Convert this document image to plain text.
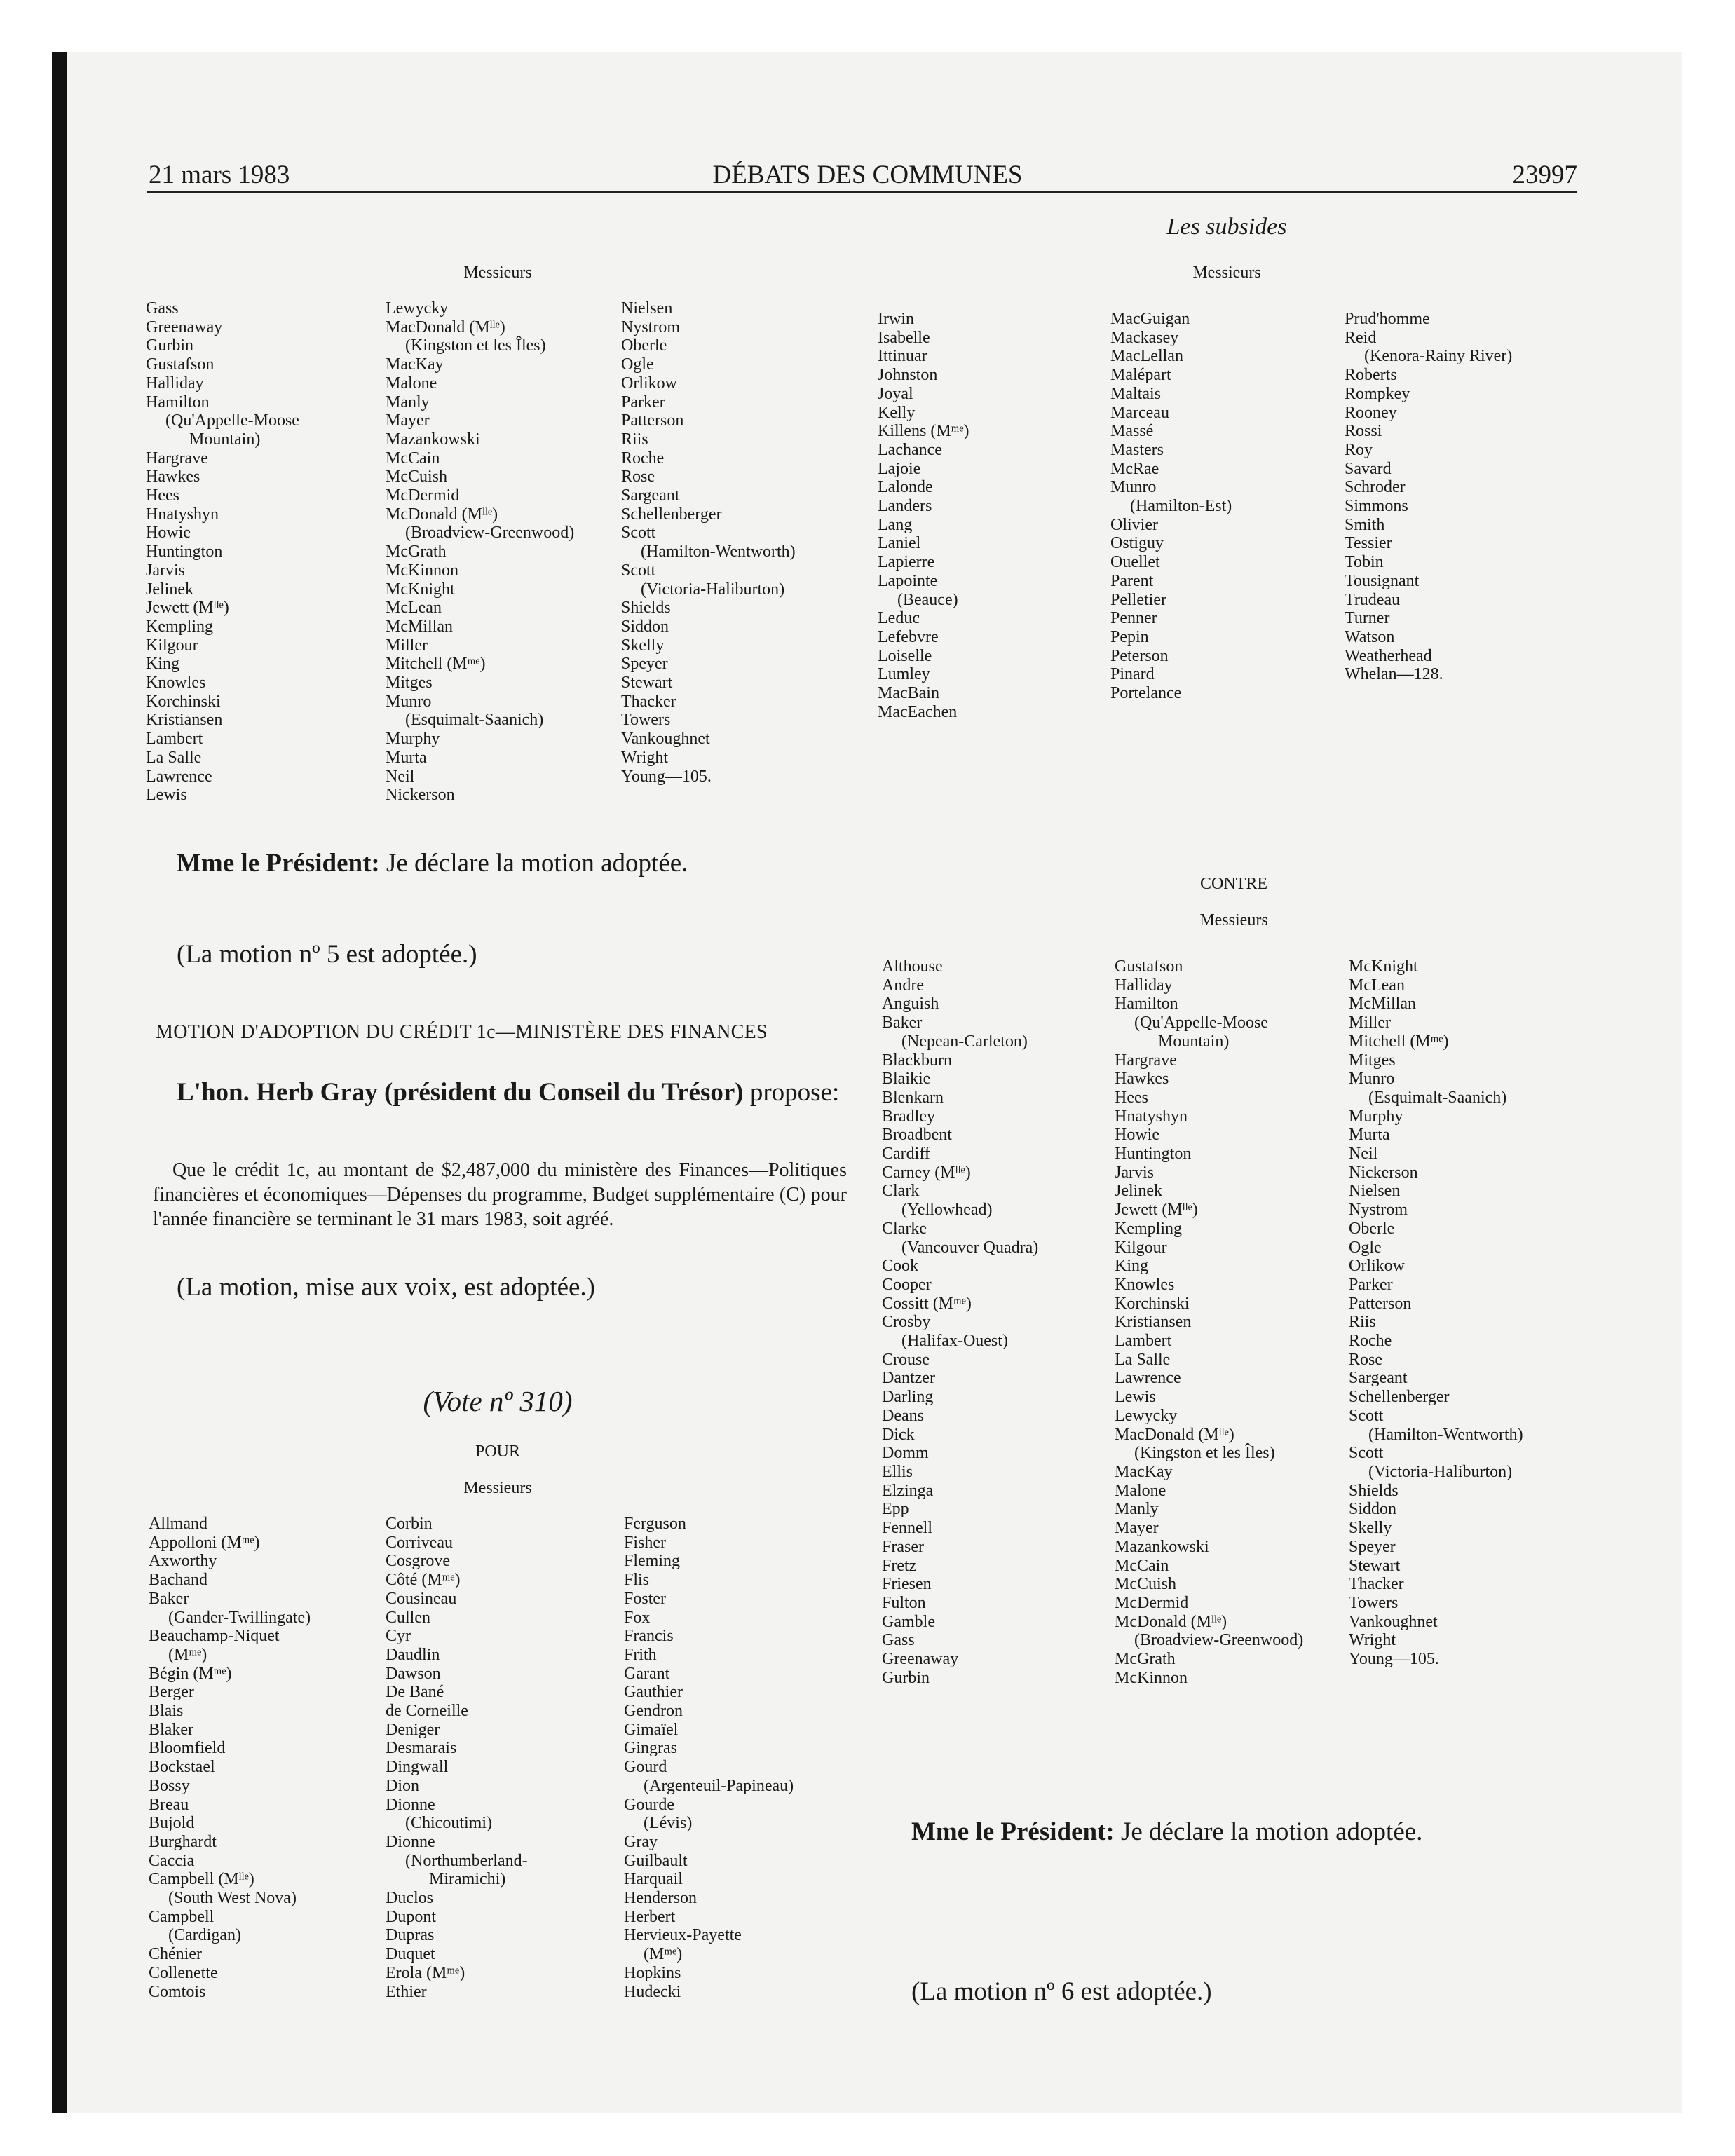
21 mars 1983	DÉBATS DES COMMUNES	23997
Les subsides
Messieurs
Gass
Greenaway
Gurbin
Gustafson
Halliday
Hamilton
(Qu'Appelle-Moose
Mountain)
Hargrave
Hawkes
Hees
Hnatyshyn
Howie
Huntington
Jarvis
Jelinek
Jewett (Mˡˡᵉ)
Kempling
Kilgour
King
Knowles
Korchinski
Kristiansen
Lambert
La Salle
Lawrence
Lewis
Lewycky
MacDonald (Mˡˡᵉ)
(Kingston et les Îles)
MacKay
Malone
Manly
Mayer
Mazankowski
McCain
McCuish
McDermid
McDonald (Mˡˡᵉ)
(Broadview-Greenwood)
McGrath
McKinnon
McKnight
McLean
McMillan
Miller
Mitchell (Mᵐᵉ)
Mitges
Munro
(Esquimalt-Saanich)
Murphy
Murta
Neil
Nickerson
Nielsen
Nystrom
Oberle
Ogle
Orlikow
Parker
Patterson
Riis
Roche
Rose
Sargeant
Schellenberger
Scott
(Hamilton-Wentworth)
Scott
(Victoria-Haliburton)
Shields
Siddon
Skelly
Speyer
Stewart
Thacker
Towers
Vankoughnet
Wright
Young—105.
Messieurs
Irwin
Isabelle
Ittinuar
Johnston
Joyal
Kelly
Killens (Mᵐᵉ)
Lachance
Lajoie
Lalonde
Landers
Lang
Laniel
Lapierre
Lapointe
(Beauce)
Leduc
Lefebvre
Loiselle
Lumley
MacBain
MacEachen
MacGuigan
Mackasey
MacLellan
Malépart
Maltais
Marceau
Massé
Masters
McRae
Munro
(Hamilton-Est)
Olivier
Ostiguy
Ouellet
Parent
Pelletier
Penner
Pepin
Peterson
Pinard
Portelance
Prud'homme
Reid
(Kenora-Rainy River)
Roberts
Rompkey
Rooney
Rossi
Roy
Savard
Schroder
Simmons
Smith
Tessier
Tobin
Tousignant
Trudeau
Turner
Watson
Weatherhead
Whelan—128.
Mme le Président: Je déclare la motion adoptée.
(La motion nº 5 est adoptée.)
MOTION D'ADOPTION DU CRÉDIT 1c—MINISTÈRE DES FINANCES
L'hon. Herb Gray (président du Conseil du Trésor) propose:
Que le crédit 1c, au montant de $2,487,000 du ministère des Finances—Politiques financières et économiques—Dépenses du programme, Budget supplémentaire (C) pour l'année financière se terminant le 31 mars 1983, soit agréé.
(La motion, mise aux voix, est adoptée.)
(Vote nº 310)
POUR
Messieurs
Allmand
Appolloni (Mᵐᵉ)
Axworthy
Bachand
Baker
(Gander-Twillingate)
Beauchamp-Niquet
(Mᵐᵉ)
Bégin (Mᵐᵉ)
Berger
Blais
Blaker
Bloomfield
Bockstael
Bossy
Breau
Bujold
Burghardt
Caccia
Campbell (Mˡˡᵉ)
(South West Nova)
Campbell
(Cardigan)
Chénier
Collenette
Comtois
Corbin
Corriveau
Cosgrove
Côté (Mᵐᵉ)
Cousineau
Cullen
Cyr
Daudlin
Dawson
De Bané
de Corneille
Deniger
Desmarais
Dingwall
Dion
Dionne
(Chicoutimi)
Dionne
(Northumberland-
Miramichi)
Duclos
Dupont
Dupras
Duquet
Erola (Mᵐᵉ)
Ethier
Ferguson
Fisher
Fleming
Flis
Foster
Fox
Francis
Frith
Garant
Gauthier
Gendron
Gimaïel
Gingras
Gourd
(Argenteuil-Papineau)
Gourde
(Lévis)
Gray
Guilbault
Harquail
Henderson
Herbert
Hervieux-Payette
(Mᵐᵉ)
Hopkins
Hudecki
CONTRE
Messieurs
Althouse
Andre
Anguish
Baker
(Nepean-Carleton)
Blackburn
Blaikie
Blenkarn
Bradley
Broadbent
Cardiff
Carney (Mˡˡᵉ)
Clark
(Yellowhead)
Clarke
(Vancouver Quadra)
Cook
Cooper
Cossitt (Mᵐᵉ)
Crosby
(Halifax-Ouest)
Crouse
Dantzer
Darling
Deans
Dick
Domm
Ellis
Elzinga
Epp
Fennell
Fraser
Fretz
Friesen
Fulton
Gamble
Gass
Greenaway
Gurbin
Gustafson
Halliday
Hamilton
(Qu'Appelle-Moose
Mountain)
Hargrave
Hawkes
Hees
Hnatyshyn
Howie
Huntington
Jarvis
Jelinek
Jewett (Mˡˡᵉ)
Kempling
Kilgour
King
Knowles
Korchinski
Kristiansen
Lambert
La Salle
Lawrence
Lewis
Lewycky
MacDonald (Mˡˡᵉ)
(Kingston et les Îles)
MacKay
Malone
Manly
Mayer
Mazankowski
McCain
McCuish
McDermid
McDonald (Mˡˡᵉ)
(Broadview-Greenwood)
McGrath
McKinnon
McKnight
McLean
McMillan
Miller
Mitchell (Mᵐᵉ)
Mitges
Munro
(Esquimalt-Saanich)
Murphy
Murta
Neil
Nickerson
Nielsen
Nystrom
Oberle
Ogle
Orlikow
Parker
Patterson
Riis
Roche
Rose
Sargeant
Schellenberger
Scott
(Hamilton-Wentworth)
Scott
(Victoria-Haliburton)
Shields
Siddon
Skelly
Speyer
Stewart
Thacker
Towers
Vankoughnet
Wright
Young—105.
Mme le Président: Je déclare la motion adoptée.
(La motion nº 6 est adoptée.)
